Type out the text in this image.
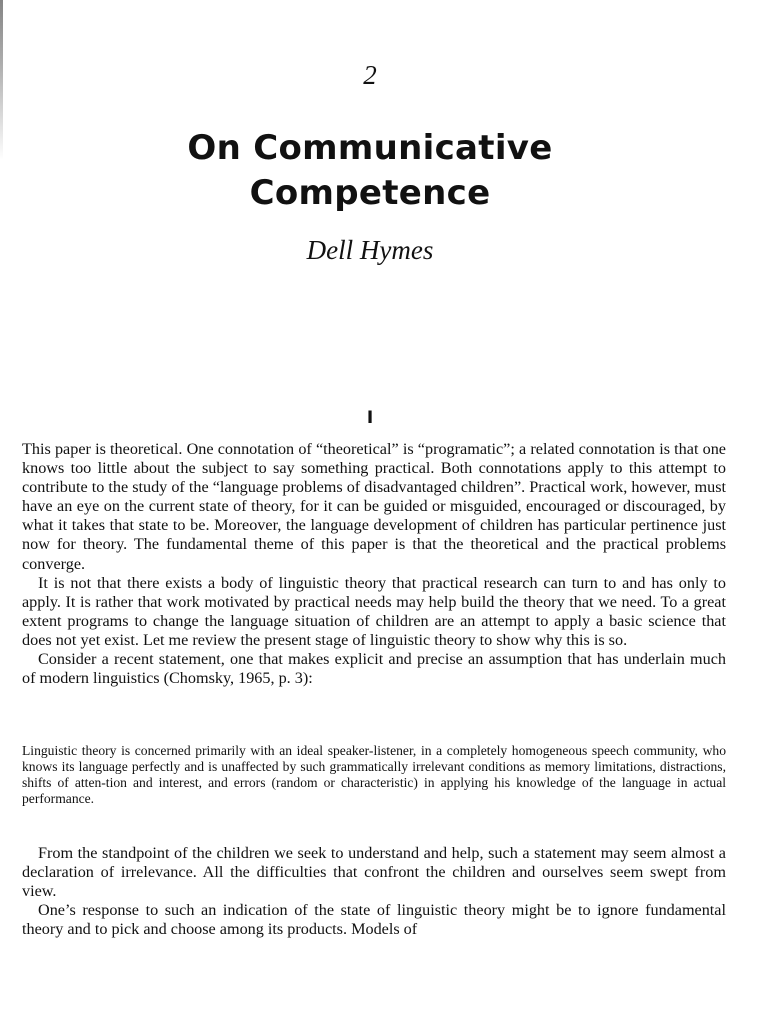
2
On Communicative
Competence
Dell Hymes
I

This paper is theoretical. One connotation of “theoretical” is “programatic”; a related connotation is that one knows too little about the subject to say something practical. Both connotations apply to this attempt to contribute to the study of the “language problems of disadvantaged children”. Practical work, however, must have an eye on the current state of theory, for it can be guided or misguided, encouraged or discouraged, by what it takes that state to be. Moreover, the language development of children has particular pertinence just now for theory. The fundamental theme of this paper is that the theoretical and the practical problems converge.

It is not that there exists a body of linguistic theory that practical research can turn to and has only to apply. It is rather that work motivated by practical needs may help build the theory that we need. To a great extent programs to change the language situation of children are an attempt to apply a basic science that does not yet exist. Let me review the present stage of linguistic theory to show why this is so.

Consider a recent statement, one that makes explicit and precise an assumption that has underlain much of modern linguistics (Chomsky, 1965, p. 3):

Linguistic theory is concerned primarily with an ideal speaker-listener, in a completely homogeneous speech community, who knows its language perfectly and is unaffected by such grammatically irrelevant conditions as memory limitations, distractions, shifts of atten-tion and interest, and errors (random or characteristic) in applying his knowledge of the language in actual performance.

From the standpoint of the children we seek to understand and help, such a statement may seem almost a declaration of irrelevance. All the difficulties that confront the children and ourselves seem swept from view.

One’s response to such an indication of the state of linguistic theory might be to ignore fundamental theory and to pick and choose among its products. Models of
